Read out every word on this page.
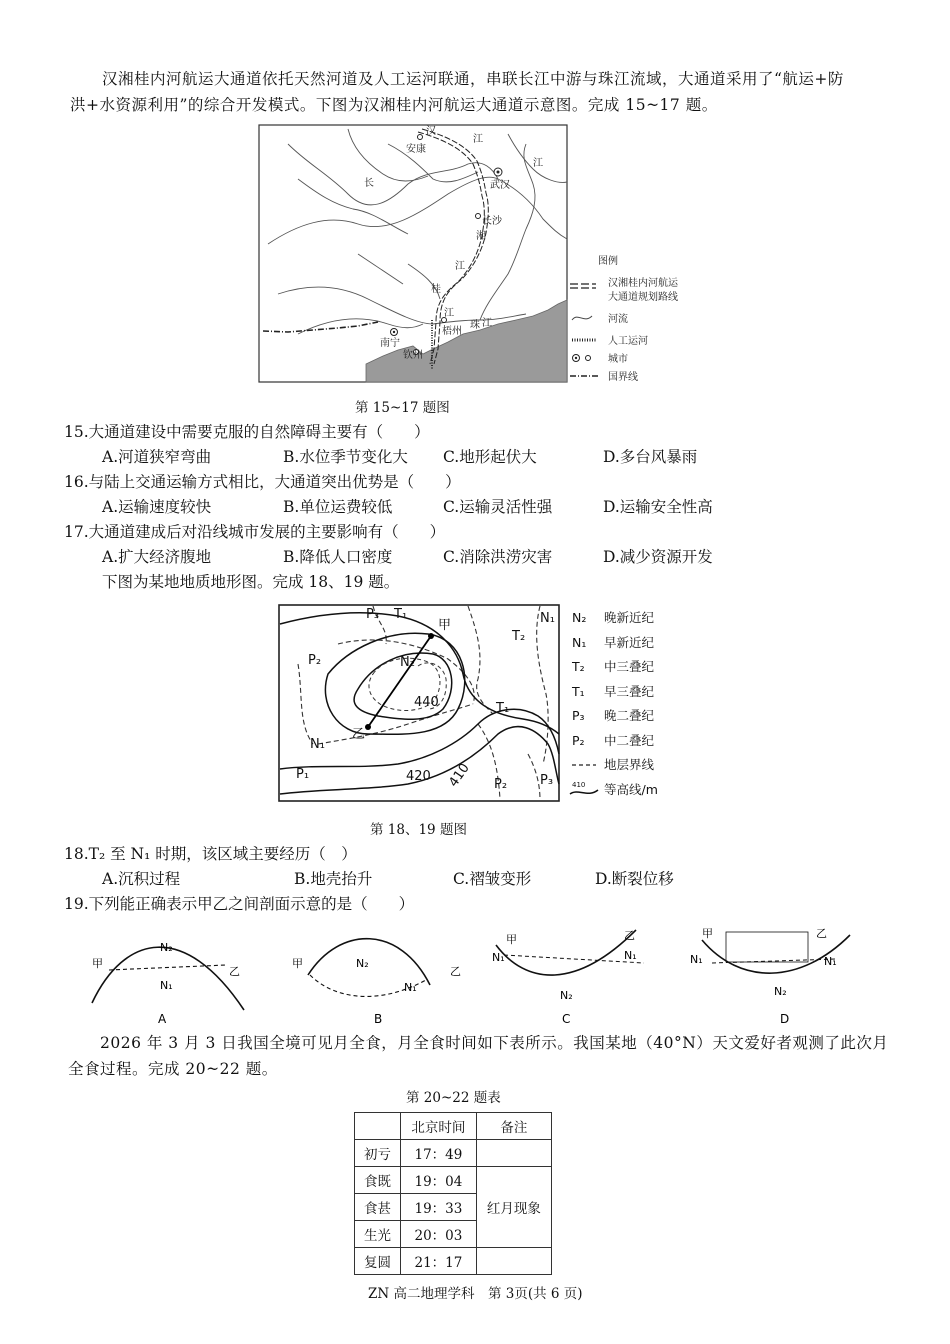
汉湘桂内河航运大通道依托天然河道及人工运河联通，串联长江中游与珠江流域，大通道采用了“航运+防
洪+水资源利用”的综合开发模式。下图为汉湘桂内河航运大通道示意图。完成 15~17 题。
汉
江
安康
江
武汉
长
长沙
湘
江
桂
江
梧州
珠 江
南宁
钦州
图例
汉湘桂内河航运
大通道规划路线
河流
人工运河
城市
国界线
第 15~17 题图
15.大通道建设中需要克服的自然障碍主要有（　　）
A.河道狭窄弯曲	B.水位季节变化大 C.地形起伏大	D.多台风暴雨
16.与陆上交通运输方式相比，大通道突出优势是（　　）
A.运输速度较快	B.单位运费较低	C.运输灵活性强	D.运输安全性高
17.大通道建成后对沿线城市发展的主要影响有（　　）
A.扩大经济腹地	B.降低人口密度	C.消除洪涝灾害	D.减少资源开发
下图为某地地质地形图。完成 18、19 题。
P₃ T₁
甲
T₂
N₁
P₂	N₂
440	T₁
N₁
乙
P₁	420 410 P₂	P₃
N₂ 晚新近纪
N₁ 早新近纪
T₂ 中三叠纪
T₁ 早三叠纪
P₃ 晚二叠纪
P₂ 中二叠纪
地层界线
410 等高线/m
第 18、19 题图
18.T₂ 至 N₁ 时期，该区域主要经历（　）
A.沉积过程	B.地壳抬升	C.褶皱变形	D.断裂位移
19.下列能正确表示甲乙之间剖面示意的是（　　）
甲
乙
N₂
N₁
A
甲
乙
N₂
N₁
B
甲	乙
N₁	N₁
N₂
C
甲	乙
N₁	N₁
N₂
D
2026 年 3 月 3 日我国全境可见月全食，月全食时间如下表所示。我国某地（40°N）天文爱好者观测了此次月
全食过程。完成 20~22 题。
第 20~22 题表
	北京时间	备注
初亏	17：49	
食既	19：04	红月现象
食甚	19：33	
生光	20：03	
复圆	21：17	
ZN 高二地理学科　第 3页(共 6 页)
